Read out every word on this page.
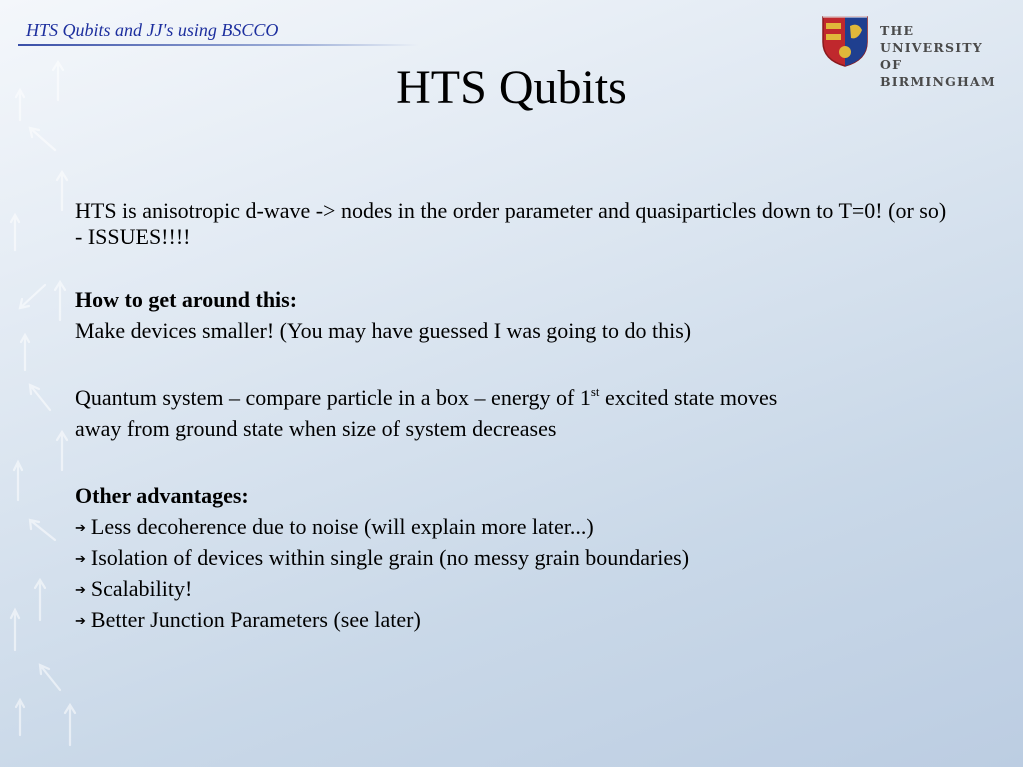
HTS Qubits and JJ's using BSCCO	THE UNIVERSITY
OF BIRMINGHAM
HTS Qubits

HTS is anisotropic d-wave -> nodes in the order parameter and quasiparticles down to T=0! (or so) - ISSUES!!!!

How to get around this:

Make devices smaller! (You may have guessed I was going to do this)

Quantum system – compare particle in a box – energy of 1st excited state moves

away from ground state when size of system decreases

Other advantages:

➔ Less decoherence due to noise (will explain more later...)

➔ Isolation of devices within single grain (no messy grain boundaries)

➔ Scalability!

➔ Better Junction Parameters (see later)
